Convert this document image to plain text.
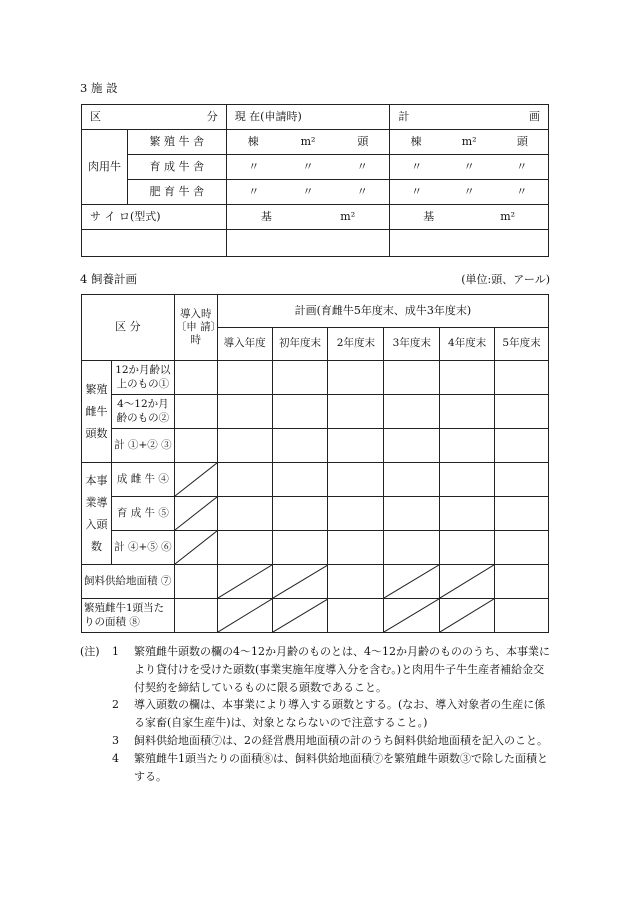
3 施 設
区 分		現 在(申請時)	計 画

肉用牛	繁 殖 牛 舎	棟 m² 頭	棟 m² 頭

	育 成 牛 舎	〃 〃 〃	〃 〃 〃

	肥 育 牛 舎	〃 〃 〃	〃 〃 〃

サ イ ロ(型式)		基 m²	基 m²

4 飼養計画	(単位:頭、アール)
区 分		導入時〔申 請〕時	計画(育雌牛5年度末、成牛3年度末)					
			導入年度	初年度末	2年度末	3年度末	4年度末	5年度末
繁殖雌牛頭数	12か月齢以上のもの①							
	4〜12か月齢のもの②							
	計 ①+② ③							
本事業導入頭数	成 雌 牛 ④	

	育 成 牛 ⑤	

	計 ④+⑤ ⑥	

飼料供給地面積 ⑦		

繁殖雌牛1頭当たりの面積 ⑧		

(注) 1	繁殖雌牛頭数の欄の4〜12か月齢のものとは、4〜12か月齢のもののうち、本事業により貸付けを受けた頭数(事業実施年度導入分を含む。)と肉用牛子牛生産者補給金交付契約を締結しているものに限る頭数であること。
2	導入頭数の欄は、本事業により導入する頭数とする。(なお、導入対象者の生産に係る家畜(自家生産牛)は、対象とならないので注意すること。)
3	飼料供給地面積⑦は、2の経営農用地面積の計のうち飼料供給地面積を記入のこと。
4	繁殖雌牛1頭当たりの面積⑧は、飼料供給地面積⑦を繁殖雌牛頭数③で除した面積とする。
